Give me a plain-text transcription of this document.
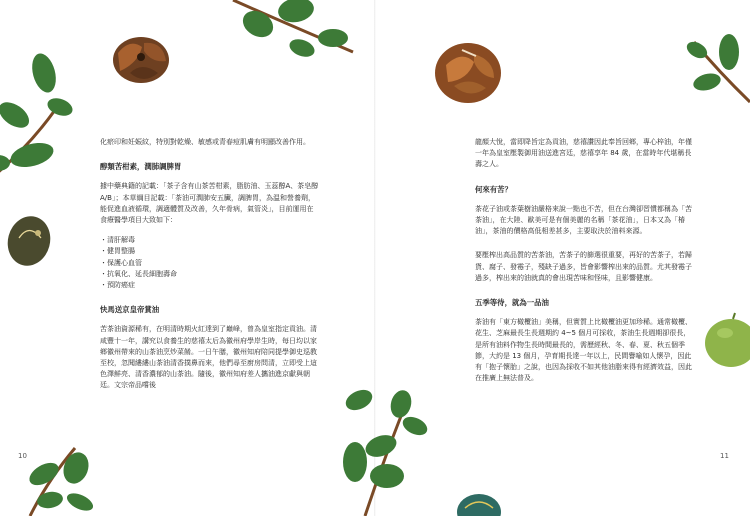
化瘀印和妊娠紋，特別對乾燥、敏感或青春痘肌膚有明顯改善作用。

醇類苦柑素，潤肺調脾胃

據中藥典籍的記載：「茶子含有山茶苦柑素，脂肪油、玉蕊醇A、茶皂醇 A/B」；本草綱目記載：「茶油可潤肺安五臟，調脾胃，為温和營養劑，能促進血液循環，調適體質及改善，久年骨病，氣管炎」，目前運用在食療醫學項目大致如下：

・清肝解毒
・健胃整腸
・保護心血管
・抗氧化、延長細胞壽命
・預防癌症

快馬送京皇帝賞油

苦茶油資源稀有，在明清時期火紅達到了巔峰，曾為皇室指定貢油。清咸豐十一年，講究以食養生的慈禧太后為徽州府學岸生時，每日均以家鄉徽州帶來的山茶油烹炒菜餚。一日午膳，徽州知府陪同提學御史巡教至校，忽聞縷縷山茶油清香撲鼻而來，他們尋至廚房問清，立即受上這色澤鮮亮、清香濃郁的山茶油。隨後，徽州知府差人攜油進京獻與朝廷。文宗帝品嚐後

10

龍顏大悅，當即降旨定為貢油，慈禧讚因此奉旨回鄉，專心梓油，年僅一年為皇室壓製御用油送進宮廷，慈禧享年 84 歲，在當時年代堪稱長壽之人。

何來有苦？

茶花子油或茶葉樹油嚴格來說一點也不苦，但在台灣卻習慣都稱為「苦茶油」，在大陸、歐美可是有個美麗的名稱「茶花油」，日本又為「椿油」，茶油的價格高低相差甚多，主要取決於油料來源。

要壓榨出高品質的苦茶油，苦茶子的篩選很重要，再好的苦茶子，若歸貨、腐子、發霉子，殘缺子過多，皆會影響榨出來的品質。尤其發霉子過多，榨出來的油就真的會出現苦味和怪味，且影響健康。

五季等待，就為一品油

茶油有「東方橄欖油」美稱，但實質上比橄欖油更加珍稀。通常橄欖、花生、芝麻最長生長週期約 4~5 個月可採收，茶油生長週期卻很長，是所有油料作物生長時間最長的，需歷經秋、冬、春、夏、秋五個季節，大約是 13 個月，孕育期長達一年以上，民間譽喻如人懷孕，因此有「抱子懷胎」之說，也因為採收不如其他油脂來得有經濟效益，因此在推廣上無法普及。

11
